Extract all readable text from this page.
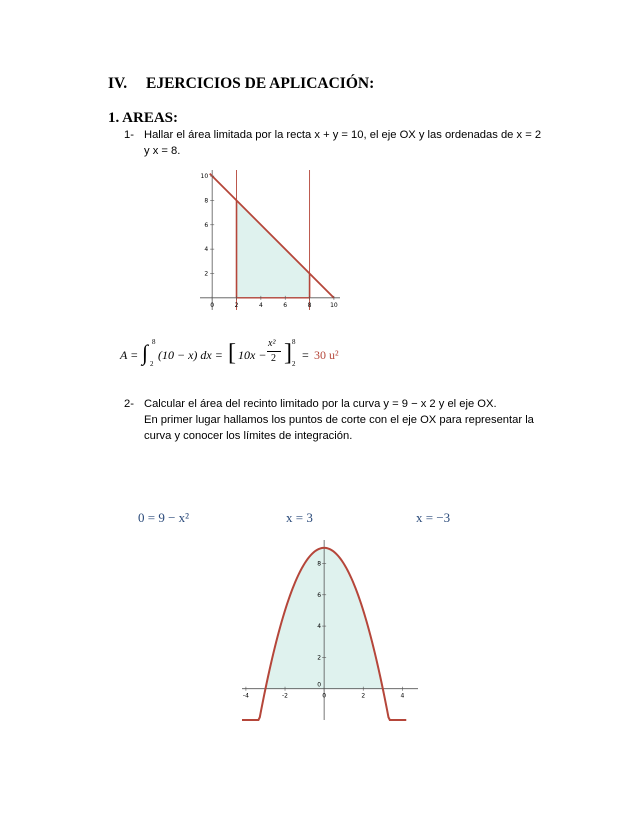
IV. EJERCICIOS DE APLICACIÓN:
1. AREAS:
1- Hallar el área limitada por la recta x + y = 10, el eje OX y las ordenadas de x = 2
y x = 8.
0	2	4	6	8	10
2
4
6
8
10
A = ∫ 8
2
(10 − x) dx = [ 10x −
x²
2 ] 8
2
= 30 u²
2- Calcular el área del recinto limitado por la curva y = 9 − x 2 y el eje OX.
En primer lugar hallamos los puntos de corte con el eje OX para representar la
curva y conocer los límites de integración.
0 = 9 − x²	x = 3	x = −3
-4	-2	0	2	4
0
2
4
6
8
